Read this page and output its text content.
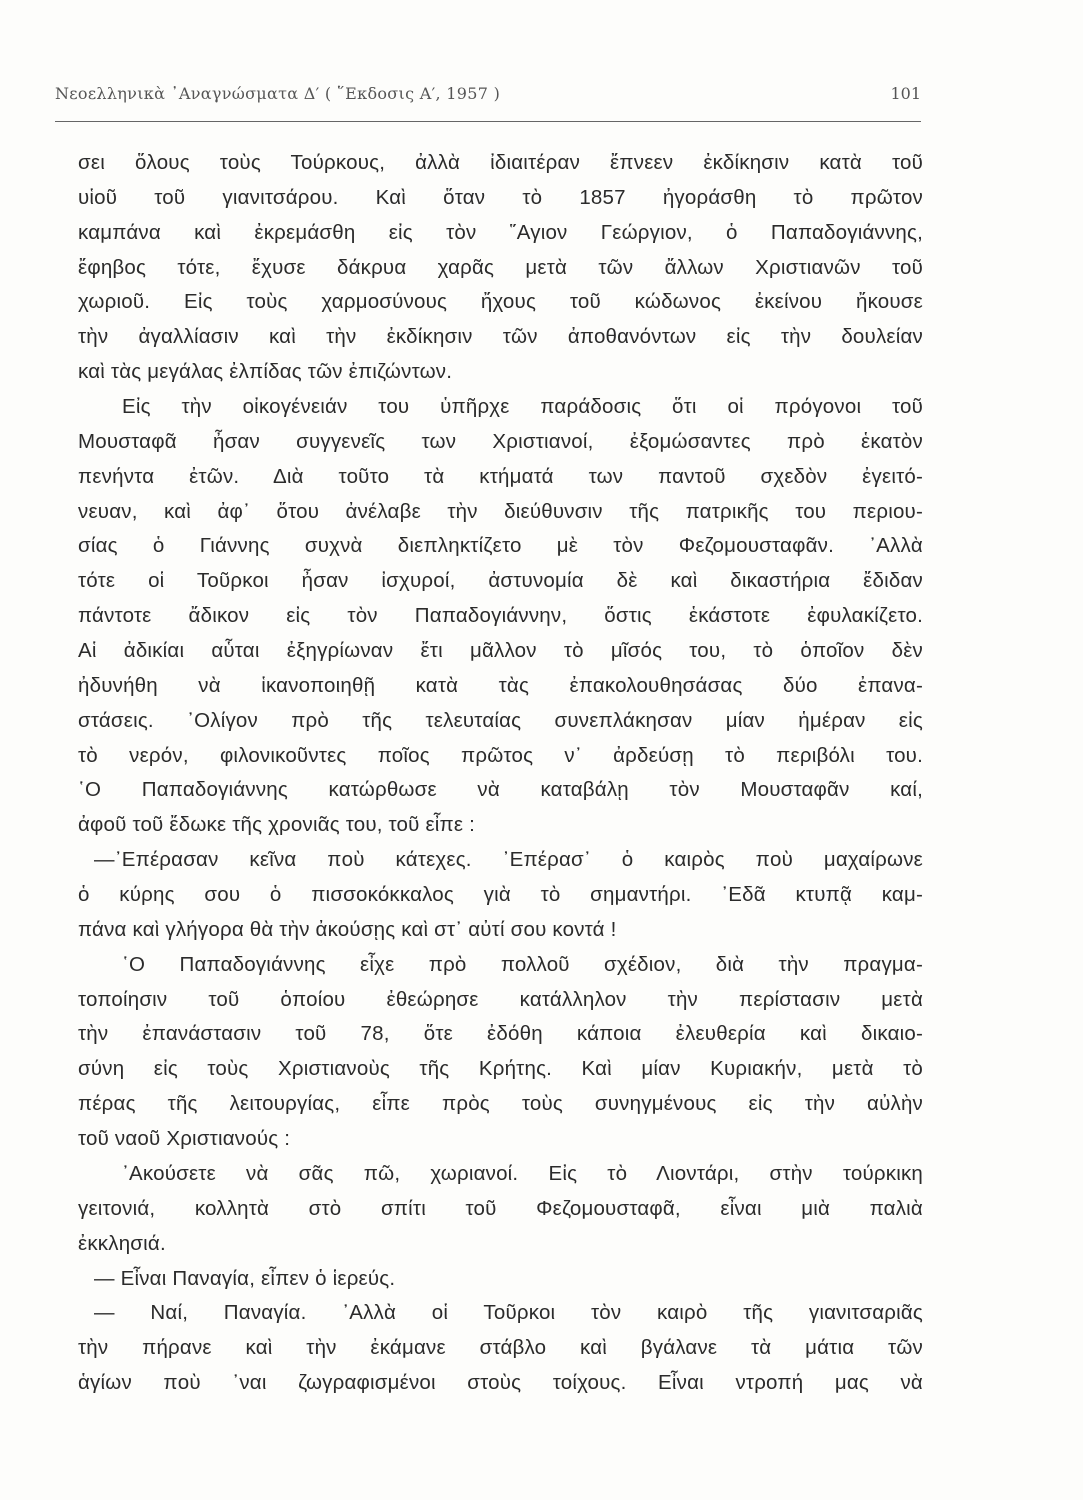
Νεοελληνικὰ ᾽Αναγνώσματα Δ′ ( ῞Εκδοσις Α′, 1957 )	101
σει ὅλους τοὺς Τούρκους, ἀλλὰ ἰδιαιτέραν ἔπνεεν ἐκδίκησιν κατὰ τοῦ
υἱοῦ τοῦ γιανιτσάρου. Καὶ ὅταν τὸ 1857 ἠγοράσθη τὸ πρῶτον
καμπάνα καὶ ἐκρεμάσθη εἰς τὸν ῞Αγιον Γεώργιον, ὁ Παπαδογιάννης,
ἔφηβος τότε, ἔχυσε δάκρυα χαρᾶς μετὰ τῶν ἄλλων Χριστιανῶν τοῦ
χωριοῦ. Εἰς τοὺς χαρμοσύνους ἤχους τοῦ κώδωνος ἐκείνου ἤκουσε
τὴν ἀγαλλίασιν καὶ τὴν ἐκδίκησιν τῶν ἀποθανόντων εἰς τὴν δουλείαν
καὶ τὰς μεγάλας ἐλπίδας τῶν ἐπιζώντων.
Εἰς τὴν οἰκογένειάν του ὑπῆρχε παράδοσις ὅτι οἱ πρόγονοι τοῦ
Μουσταφᾶ ἦσαν συγγενεῖς των Χριστιανοί, ἐξομώσαντες πρὸ ἑκατὸν
πενήντα ἐτῶν. Διὰ τοῦτο τὰ κτήματά των παντοῦ σχεδὸν ἐγειτό-
νευαν, καὶ ἀφ᾽ ὅτου ἀνέλαβε τὴν διεύθυνσιν τῆς πατρικῆς του περιου-
σίας ὁ Γιάννης συχνὰ διεπληκτίζετο μὲ τὸν Φεζομουσταφᾶν. ᾽Αλλὰ
τότε οἱ Τοῦρκοι ἦσαν ἰσχυροί, ἀστυνομία δὲ καὶ δικαστήρια ἔδιδαν
πάντοτε ἄδικον εἰς τὸν Παπαδογιάννην, ὅστις ἑκάστοτε ἐφυλακίζετο.
Αἱ ἀδικίαι αὗται ἐξηγρίωναν ἔτι μᾶλλον τὸ μῖσός του, τὸ ὁποῖον δὲν
ἠδυνήθη νὰ ἱκανοποιηθῇ κατὰ τὰς ἐπακολουθησάσας δύο ἐπανα-
στάσεις. ᾽Ολίγον πρὸ τῆς τελευταίας συνεπλάκησαν μίαν ἡμέραν εἰς
τὸ νερόν, φιλονικοῦντες ποῖος πρῶτος ν᾽ ἀρδεύσῃ τὸ περιβόλι του.
῾Ο Παπαδογιάννης κατώρθωσε νὰ καταβάλῃ τὸν Μουσταφᾶν καί,
ἀφοῦ τοῦ ἔδωκε τῆς χρονιᾶς του, τοῦ εἶπε :
—᾽Επέρασαν κεῖνα πoὺ κάτεχες. ᾽Επέρασ᾽ ὁ καιρὸς πoὺ μαχαίρωνε
ὁ κύρης σου ὁ πισσοκόκκαλος γιὰ τὸ σημαντήρι. ᾽Εδᾶ κτυπᾷ καμ-
πάνα καὶ γλήγορα θὰ τὴν ἀκούσῃς καὶ στ᾽ αὐτί σου κοντά !
῾Ο Παπαδογιάννης εἶχε πρὸ πολλοῦ σχέδιον, διὰ τὴν πραγμα-
τοποίησιν τοῦ ὁποίου ἐθεώρησε κατάλληλον τὴν περίστασιν μετὰ
τὴν ἐπανάστασιν τοῦ 78, ὅτε ἐδόθη κάποια ἐλευθερία καὶ δικαιο-
σύνη εἰς τοὺς Χριστιανοὺς τῆς Κρήτης. Καὶ μίαν Κυριακήν, μετὰ τὸ
πέρας τῆς λειτουργίας, εἶπε πρὸς τοὺς συνηγμένους εἰς τὴν αὐλὴν
τοῦ ναοῦ Χριστιανούς :
᾽Ακούσετε νὰ σᾶς πῶ, χωριανοί. Εἰς τὸ Λιοντάρι, στὴν τούρκικη
γειτονιά, κολλητὰ στὸ σπίτι τοῦ Φεζομουσταφᾶ, εἶναι μιὰ παλιὰ
ἐκκλησιά.
— Εἶναι Παναγία, εἶπεν ὁ ἱερεύς.
— Ναί, Παναγία. ᾽Αλλὰ οἱ Τοῦρκοι τὸν καιρὸ τῆς γιανιτσαριᾶς
τὴν πήρανε καὶ τὴν ἐκάμανε στάβλο καὶ βγάλανε τὰ μάτια τῶν
ἁγίων πoὺ ᾽ναι ζωγραφισμένοι στοὺς τοίχους. Εἶναι ντροπή μας νὰ
